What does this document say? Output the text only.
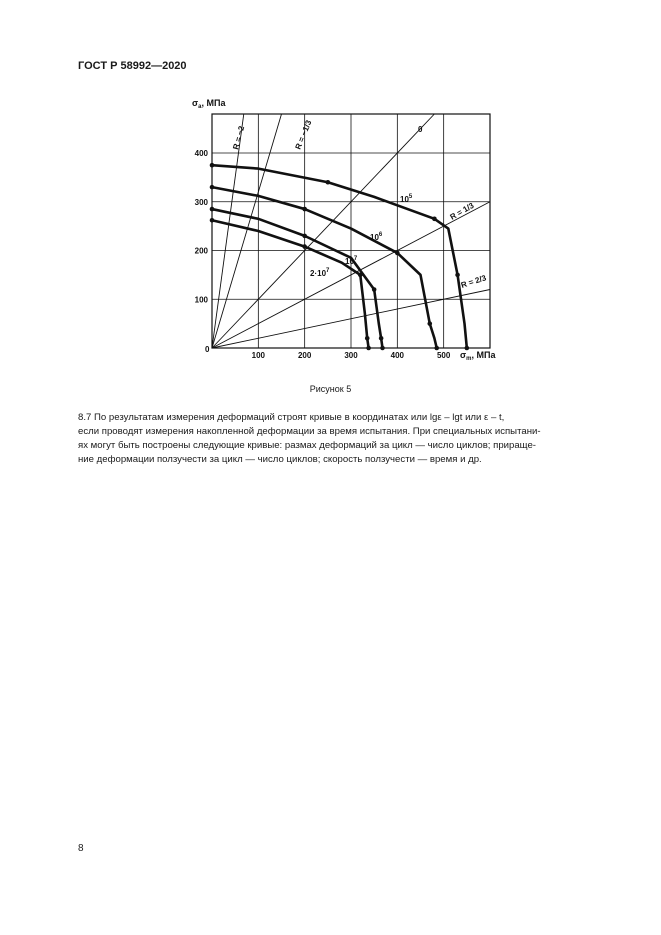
ГОСТ Р 58992—2020
$\sigma_а$, МПа
$\sigma_m$, МПа
0
100	200	300	400	500
100
200
300
400
R = −2	R = −1/3	0
R = 1/3
R = 2/3
$10^5$
$10^6$
$10^7$
$2\cdot 10^7$
Рисунок 5

8.7 По результатам измерения деформаций строят кривые в координатах или lgε – lgt или ε – t,

если проводят измерения накопленной деформации за время испытания. При специальных испытани-

ях могут быть построены следующие кривые: размах деформаций за цикл — число циклов; прираще-

ние деформации ползучести за цикл — число циклов; скорость ползучести — время и др.

8
